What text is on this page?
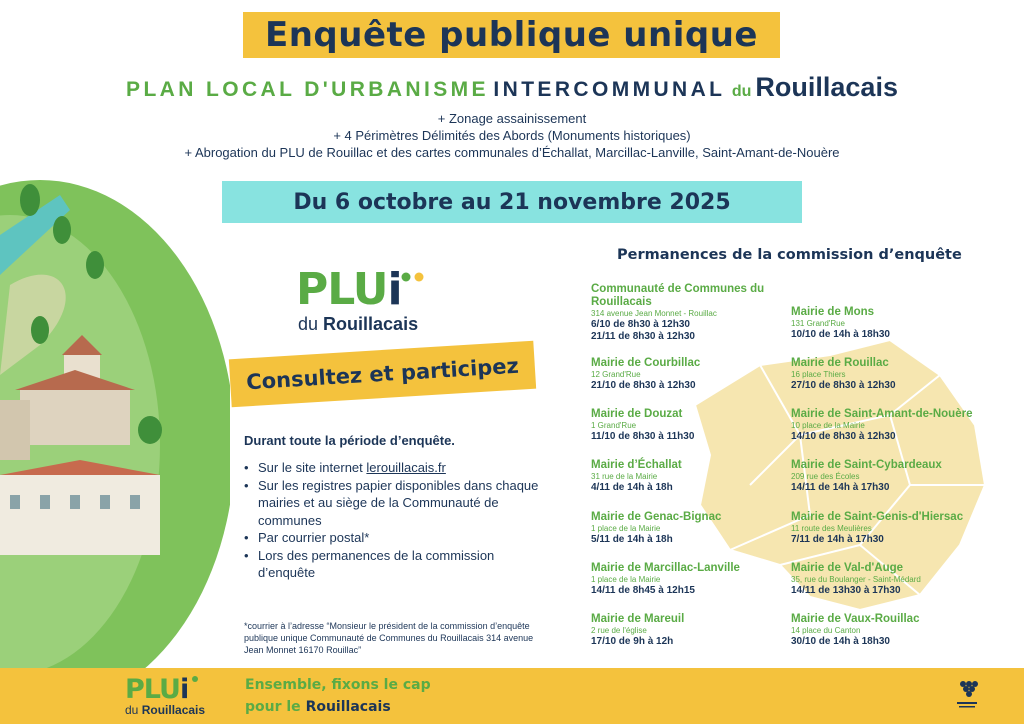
Enquête publique unique
PLAN LOCAL D'URBANISME INTERCOMMUNAL du Rouillacais
+ Zonage assainissement
+ 4 Périmètres Délimités des Abords (Monuments historiques)
+ Abrogation du PLU de Rouillac et des cartes communales d’Échallat, Marcillac-Lanville, Saint-Amant-de-Nouère
Du 6 octobre au 21 novembre 2025
PLUi
du Rouillacais
Consultez et participez
Durant toute la période d’enquête.
• Sur le site internet lerouillacais.fr
• Sur les registres papier disponibles dans chaque mairies et au siège de la Communauté de communes
• Par courrier postal*
• Lors des permanences de la commission d’enquête
*courrier à l’adresse “Monsieur le président de la commission d’enquête publique unique Communauté de Communes du Rouillacais 314 avenue Jean Monnet 16170 Rouillac”
Permanences de la commission d’enquête
Communauté de Communes du Rouillacais
314 avenue Jean Monnet - Rouillac
6/10 de 8h30 à 12h30
21/11 de 8h30 à 12h30
Mairie de Courbillac
12 Grand'Rue
21/10 de 8h30 à 12h30
Mairie de Douzat
1 Grand'Rue
11/10 de 8h30 à 11h30
Mairie d’Échallat
31 rue de la Mairie
4/11 de 14h à 18h
Mairie de Genac-Bignac
1 place de la Mairie
5/11 de 14h à 18h
Mairie de Marcillac-Lanville
1 place de la Mairie
14/11 de 8h45 à 12h15
Mairie de Mareuil
2 rue de l'église
17/10 de 9h à 12h
Mairie de Mons
131 Grand'Rue
10/10 de 14h à 18h30
Mairie de Rouillac
16 place Thiers
27/10 de 8h30 à 12h30
Mairie de Saint-Amant-de-Nouère
10 place de la Mairie
14/10 de 8h30 à 12h30
Mairie de Saint-Cybardeaux
209 rue des Écoles
14/11 de 14h à 17h30
Mairie de Saint-Genis-d'Hiersac
11 route des Meulières
7/11 de 14h à 17h30
Mairie de Val-d'Auge
35, rue du Boulanger - Saint-Médard
14/11 de 13h30 à 17h30
Mairie de Vaux-Rouillac
14 place du Canton
30/10 de 14h à 18h30
PLUi
du Rouillacais
Ensemble, fixons le cap
pour le Rouillacais
